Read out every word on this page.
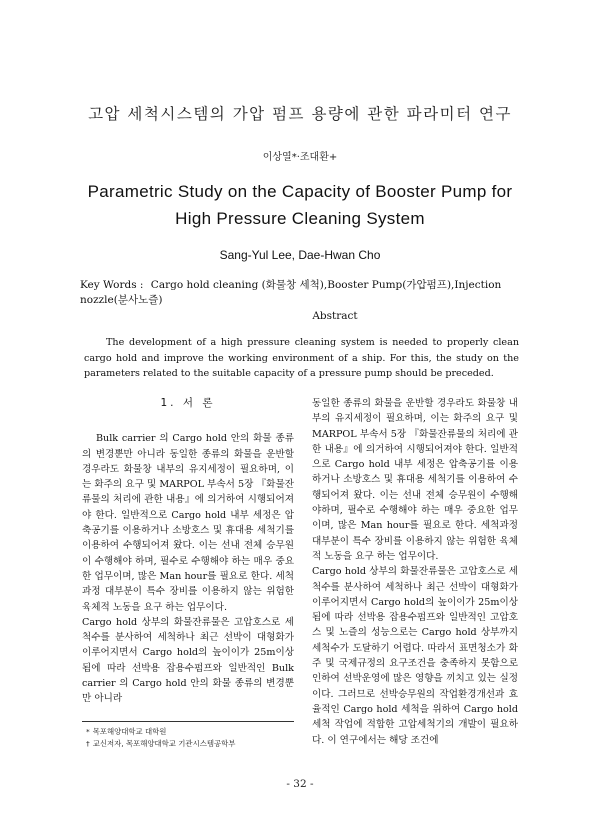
고압 세척시스템의 가압 펌프 용량에 관한 파라미터 연구
이상열*·조대환+
Parametric Study on the Capacity of Booster Pump for
High Pressure Cleaning System
Sang-Yul Lee, Dae-Hwan Cho
Key Words : Cargo hold cleaning (화물창 세척),Booster Pump(가압펌프),Injection nozzle(분사노즐)
Abstract
The development of a high pressure cleaning system is needed to properly clean cargo hold and improve the working environment of a ship. For this, the study on the parameters related to the suitable capacity of a pressure pump should be preceded.
1. 서 론

Bulk carrier 의 Cargo hold 안의 화물 종류의 변경뿐만 아니라 동일한 종류의 화물을 운반할 경우라도 화물창 내부의 유지세정이 필요하며, 이는 화주의 요구 및 MARPOL 부속서 5장 『화물잔류물의 처리에 관한 내용』에 의거하여 시행되어져야 한다. 일반적으로 Cargo hold 내부 세정은 압축공기를 이용하거나 소방호스 및 휴대용 세척기를 이용하여 수행되어져 왔다. 이는 선내 전체 승무원이 수행해야 하며, 필수로 수행해야 하는 매우 중요한 업무이며, 많은 Man hour를 필요로 한다. 세척과정 대부분이 특수 장비를 이용하지 않는 위험한 육체적 노동을 요구 하는 업무이다.

Cargo hold 상부의 화물잔류물은 고압호스로 세척수를 분사하여 세척하나 최근 선박이 대형화가 이루어지면서 Cargo hold의 높이이가 25m이상 됨에 따라 선박용 잡용수펌프와 일반적인 Bulk carrier 의 Cargo hold 안의 화물 종류의 변경뿐만 아니라

동일한 종류의 화물을 운반할 경우라도 화물창 내부의 유지세정이 필요하며, 이는 화주의 요구 및 MARPOL 부속서 5장 『화물잔류물의 처리에 관한 내용』에 의거하여 시행되어져야 한다. 일반적으로 Cargo hold 내부 세정은 압축공기를 이용하거나 소방호스 및 휴대용 세척기를 이용하여 수행되어져 왔다. 이는 선내 전체 승무원이 수행해야하며, 필수로 수행해야 하는 매우 중요한 업무이며, 많은 Man hour를 필요로 한다. 세척과정 대부분이 특수 장비를 이용하지 않는 위험한 육체적 노동을 요구 하는 업무이다.

Cargo hold 상부의 화물잔류물은 고압호스로 세척수를 분사하여 세척하나 최근 선박이 대형화가 이루어지면서 Cargo hold의 높이이가 25m이상 됨에 따라 선박용 잡용수펌프와 일반적인 고압호스 및 노즐의 성능으로는 Cargo hold 상부까지 세척수가 도달하기 어렵다. 따라서 표면청소가 화주 및 국제규정의 요구조건을 충족하지 못함으로 인하여 선박운영에 많은 영향을 끼치고 있는 실정이다. 그러므로 선박승무원의 작업환경개선과 효율적인 Cargo hold 세척을 위하여 Cargo hold 세척 작업에 적합한 고압세척기의 개발이 필요하다. 이 연구에서는 해당 조건에

* 목포해양대학교 대학원
† 교신저자, 목포해양대학교 기관시스템공학부
- 32 -
